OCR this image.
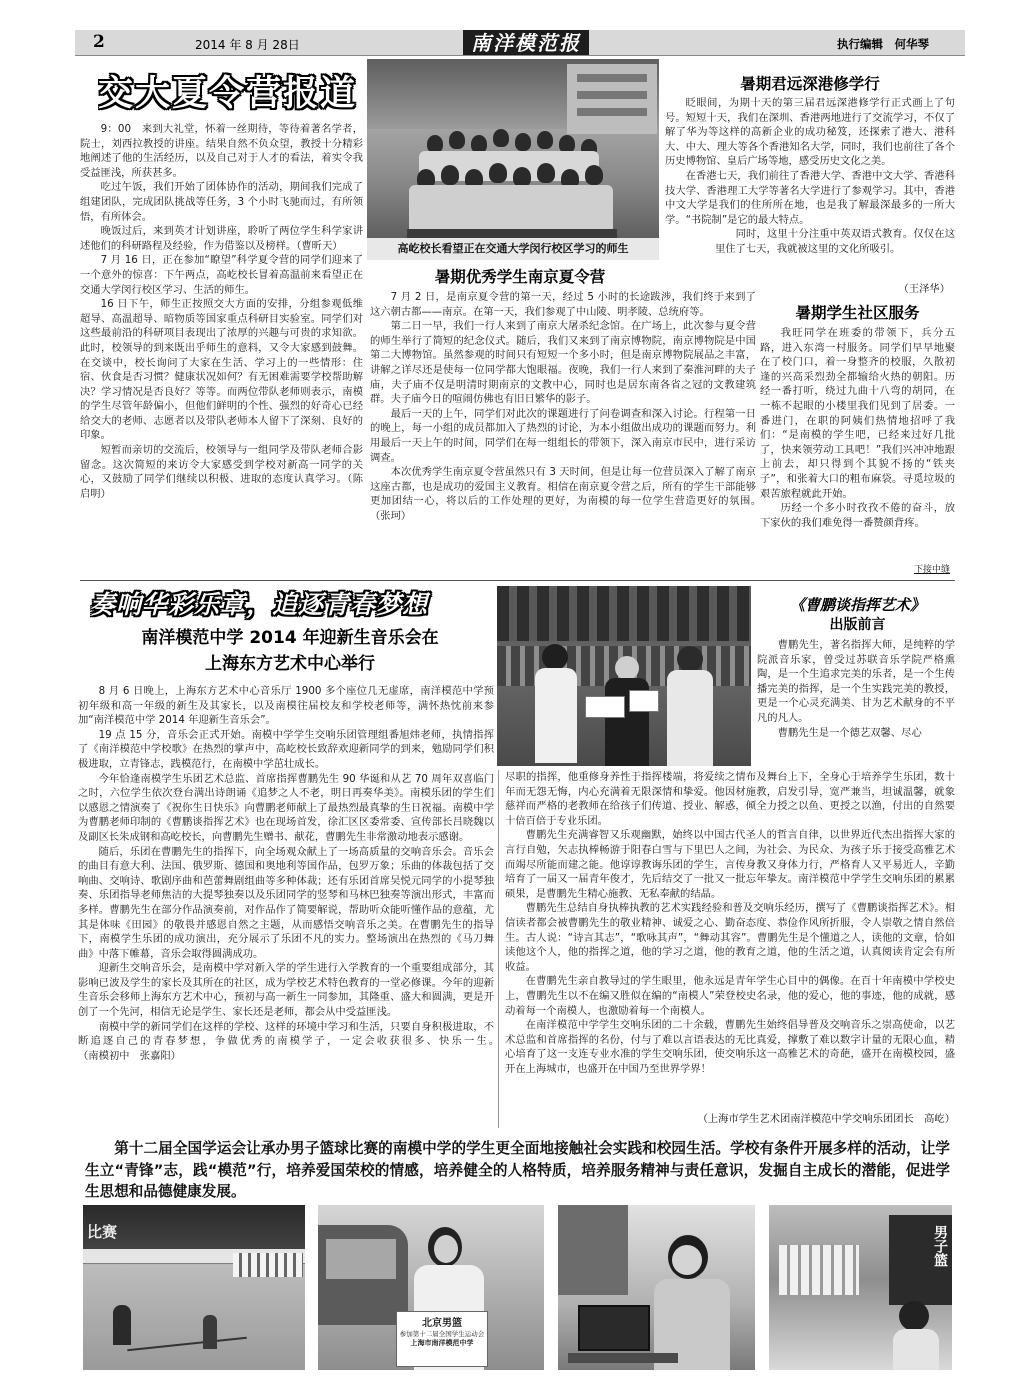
2	2014 年 8 月 28日	南洋模范报	执行编辑　何华琴
交大夏令营报道

9：00　来到大礼堂，怀着一丝期待，等待着著名学者，院士，刘西拉教授的讲座。结果自然不负众望，教授十分精彩地阐述了他的生活经历，以及自己对于人才的看法，着实令我受益匪浅，所获甚多。

吃过午饭，我们开始了团体协作的活动，期间我们完成了组建团队，完成团队挑战等任务，3 个小时飞驰而过，有所领悟，有所体会。

晚饭过后，来到英才计划讲座，聆听了两位学生科学家讲述他们的科研路程及经验，作为借鉴以及榜样。（曹昕天）

7 月 16 日，正在参加“瞭望”科学夏令营的同学们迎来了一个意外的惊喜：下午两点，高屹校长冒着高温前来看望正在交通大学闵行校区学习、生活的师生。

16 日下午，师生正按照交大方面的安排，分组参观低维超导、高温超导、暗物质等国家重点科研目实验室。同学们对这些最前沿的科研项目表现出了浓厚的兴趣与可贵的求知欲。此时，校领导的到来既出乎师生的意料，又令大家感到鼓舞。在交谈中，校长询问了大家在生活、学习上的一些情形：住宿、伙食是否习惯？健康状况如何？有无困难需要学校帮助解决？学习情况是否良好？等等。而两位带队老师则表示，南模的学生尽管年龄偏小，但他们鲜明的个性、强烈的好奇心已经给交大的老师、志愿者以及带队老师本人留下了深刻、良好的印象。

短暂而亲切的交流后，校领导与一组同学及带队老师合影留念。这次简短的来访令大家感受到学校对新高一同学的关心，又鼓励了同学们继续以积极、进取的态度认真学习。（陈启明）

高屹校长看望正在交通大学闵行校区学习的师生
暑期优秀学生南京夏令营

7 月 2 日，是南京夏令营的第一天，经过 5 小时的长途跋涉，我们终于来到了这六朝古都——南京。在第一天，我们参观了中山陵、明孝陵、总统府等。

第二日一早，我们一行人来到了南京大屠杀纪念馆。在广场上，此次参与夏令营的师生举行了简短的纪念仪式。随后，我们又来到了南京博物院，南京博物院是中国第二大博物馆。虽然参观的时间只有短短一个多小时，但是南京博物院展品之丰富，讲解之详尽还是使每一位同学都大饱眼福。夜晚，我们一行人来到了秦淮河畔的夫子庙，夫子庙不仅是明清时期南京的文教中心，同时也是居东南各省之冠的文教建筑群。夫子庙今日的喧闹仿佛也有旧日繁华的影子。

最后一天的上午，同学们对此次的课题进行了问卷调查和深入讨论。行程第一日的晚上，每一小组的成员都加入了热烈的讨论，为本小组做出成功的课题而努力。利用最后一天上午的时间，同学们在每一组组长的带领下，深入南京市民中，进行采访调查。

本次优秀学生南京夏令营虽然只有 3 天时间，但是让每一位营员深入了解了南京这座古都，也是成功的爱国主义教育。相信在南京夏令营之后，所有的学生干部能够更加团结一心，将以后的工作处理的更好，为南模的每一位学生营造更好的氛围。　　　（张珂）

暑期君远深港修学行

眨眼间，为期十天的第三届君远深港修学行正式画上了句号。短短十天，我们在深圳、香港两地进行了交流学习，不仅了解了华为等这样的高新企业的成功秘笈，还探索了港大、港科大、中大、理大等各个香港知名大学，同时，我们也前往了各个历史博物馆、皇后广场等地，感受历史文化之美。

在香港七天，我们前往了香港大学、香港中文大学、香港科技大学、香港理工大学等著名大学进行了参观学习。其中，香港中文大学是我们的住所所在地，也是我了解最深最多的一所大学。“书院制”是它的最大特点。

同时，这里十分注重中英双语式教育。仅仅在这里住了七天，我就被这里的文化所吸引。

（王泽华）
暑期学生社区服务

我旺同学在班委的带领下，兵分五路，进入东湾一村服务。同学们早早地聚在了校门口，着一身整齐的校服，久散初逢的兴高采烈劲全都输给火热的朝阳。历经一番打听，绕过九曲十八弯的胡同，在一栋不起眼的小楼里我们见到了居委。一番进门，在职的阿姨们热情地招呼了我们：“是南模的学生吧，已经来过好几批了，快来领劳动工具吧！”我们兴冲冲地跟上前去，却只得到个其貌不扬的“铁夹子”，和张着大口的粗布麻袋。寻觅垃圾的艰苦旅程就此开始。

历经一个多小时孜孜不倦的奋斗，放下家伙的我们难免得一番赞颜背疼。

下接中缝
奏响华彩乐章，追逐青春梦想
南洋模范中学 2014 年迎新生音乐会在
上海东方艺术中心举行

8 月 6 日晚上，上海东方艺术中心音乐厅 1900 多个座位几无虚席，南洋模范中学预初年级和高一年级的新生及其家长，以及南模往届校友和学校老师等，满怀热忱前来参加“南洋模范中学 2014 年迎新生音乐会”。

19 点 15 分，音乐会正式开始。南模中学学生交响乐团管理组番旭炜老师，执情指挥了《南洋模范中学校歌》在热烈的掌声中，高屹校长致辞欢迎新同学的到来，勉励同学们积极进取，立青锋志，践模范行，在南模中学茁壮成长。

今年恰逢南模学生乐团艺术总监、首席指挥曹鹏先生 90 华诞和从艺 70 周年双喜临门之时，六位学生依次登台满出诗朗诵《追梦之人不老，明日再奏华美》。南模乐团的学生们以感恩之情演奏了《祝你生日快乐》向曹鹏老师献上了最热烈最真挚的生日祝福。南模中学为曹鹏老师印制的《曹鹏谈指挥艺术》也在现场首发，徐汇区区委常委、宣传部长吕晓魏以及副区长朱成钢和高屹校长，向曹鹏先生赠书、献花，曹鹏先生非常激动地表示感谢。

随后，乐团在曹鹏先生的指挥下，向全场观众献上了一场高质量的交响音乐会。音乐会的曲目有意大利、法国、俄罗斯、德国和奥地利等国作品，包罗万象；乐曲的体裁包括了交响曲、交响诗、歌剧序曲和芭蕾舞剧组曲等多种体裁；还有乐团首席吴悦元同学的小提琴独奏、乐团指导老师焦洁的大提琴独奏以及乐团同学的竖琴和马林巴独奏等演出形式，丰富而多样。曹鹏先生在部分作品演奏前，对作品作了简要解说，帮助听众能听懂作品的意蕴，尤其是体味《田园》的敬畏并感恩自然之主题，从而感悟交响音乐之美。在曹鹏先生的指导下，南模学生乐团的成功演出，充分展示了乐团不凡的实力。整场演出在热烈的《马刀舞曲》中落下帷幕，音乐会取得圆满成功。

迎新生交响音乐会，是南模中学对新入学的学生进行入学教育的一个重要组成部分，其影响已波及学生的家长及其所在的社区，成为学校艺术特色教育的一堂必修课。今年的迎新生音乐会移师上海东方艺术中心，预初与高一新生一同参加，其隆重、盛大和圆满，更是开创了一个先河，相信无论是学生、家长还是老师，都会从中受益匪浅。

南模中学的新同学们在这样的学校、这样的环境中学习和生活，只要自身积极进取，不断追逐自己的青春梦想，争做优秀的南模学子，一定会收获很多、快乐一生。　　　　　　（南模初中　张嘉阳）

《曹鹏谈指挥艺术》
出版前言

曹鹏先生，著名指挥大师，是纯粹的学院派音乐家，曾受过苏联音乐学院严格熏陶，是一个生追求完美的乐者，是一个生传播完美的指挥，是一个生实践完美的教授，更是一个心灵充满美、甘为艺术献身的不平凡的凡人。

曹鹏先生是一个德艺双馨、尽心

尽职的指挥，他重修身养性于指挥楼端，将爱续之情布及舞台上下，全身心于培养学生乐团，数十年而无怨无悔，内心充满着无限深情和挚爱。他因材施教，启发引导，宽严兼当，坦诚温馨，就象慈祥而严格的老教师在给孩子们传道、授业、解惑，倾全力授之以鱼、更授之以渔，付出的自然要十倍百倍于专业乐团。

曹鹏先生充满睿智又乐观幽默，始终以中国古代圣人的哲言自律，以世界近代杰出指挥大家的言行自勉，矢志执棒畅游于阳春白雪与下里巴人之间，为社会、为民众、为孩子乐于接受高雅艺术而竭尽所能而建之能。他谆谆教诲乐团的学生，言传身教又身体力行，严格育人又平易近人，辛勤培育了一届又一届青年俊才，先后结交了一批又一批忘年挚友。南洋模范中学学生交响乐团的累累硕果，是曹鹏先生精心施教、无私奉献的结晶。

曹鹏先生总结自身执棒执教的艺术实践经验和普及交响乐经历，撰写了《曹鹏谈指挥艺术》。相信读者都会被曹鹏先生的敬业精神、诚爱之心、勤奋态度、恭俭作风所折服，令人崇敬之情自然倍生。古人说：“诗言其志”，“歌咏其声”，“舞动其容”。曹鹏先生是个懂道之人，读他的文章，恰如读他这个人，他的指挥之道，他的学习之道，他的教育之道，他的生活之道，认真阅读肯定会有所收益。

在曹鹏先生亲自教导过的学生眼里，他永远是青年学生心目中的偶像。在百十年南模中学校史上，曹鹏先生以不在编又胜似在编的“南模人”荣登校史名录，他的爱心，他的事迹，他的成就，感动着每一个南模人，也激励着每一个南模人。

在南洋模范中学学生交响乐团的二十余载，曹鹏先生始终倡导普及交响音乐之崇高使命，以艺术总监和首席指挥的名份，付与了难以言语表达的无比真爱，撑敷了难以数字计量的无限心血，精心培育了这一支连专业水准的学生交响乐团，使交响乐这一高雅艺术的奇葩，盛开在南模校园，盛开在上海城市，也盛开在中国乃至世界学界！

（上海市学生艺术团南洋模范中学交响乐团团长　高屹）
第十二届全国学运会让承办男子篮球比赛的南模中学的学生更全面地接触社会实践和校园生活。学校有条件开展多样的活动，让学生立“青锋”志，践“模范”行，培养爱国荣校的情感，培养健全的人格特质，培养服务精神与责任意识，发掘自主成长的潜能，促进学生思想和品德健康发展。
比赛
北京男篮
参加第十二届全国学生运动会
上海市南洋模范中学
男子篮
